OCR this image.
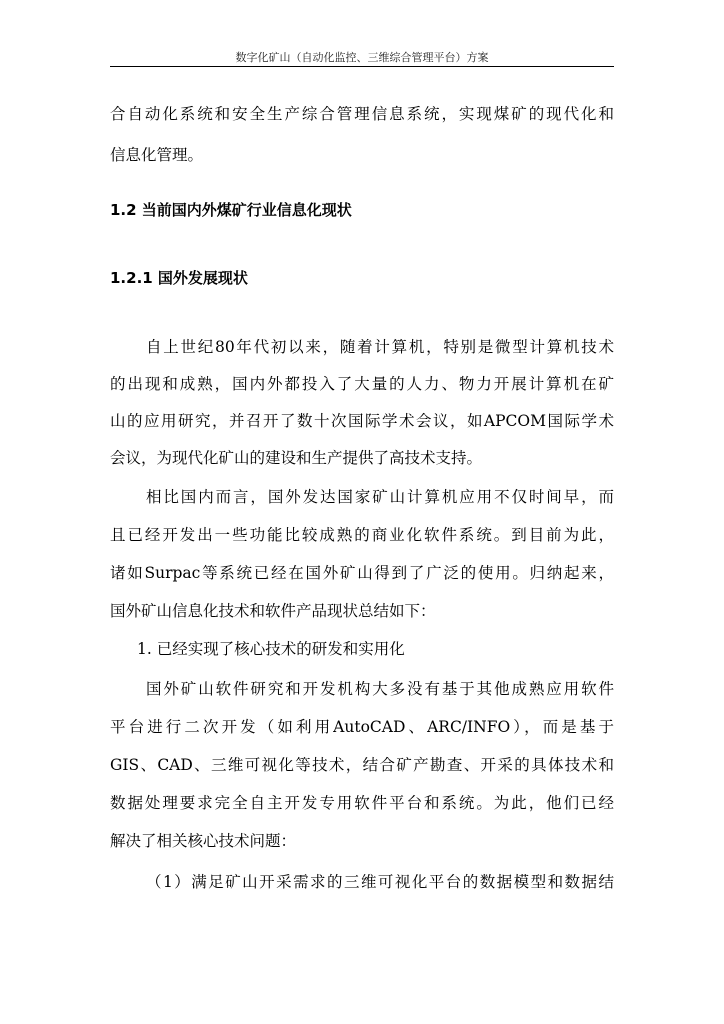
数字化矿山（自动化监控、三维综合管理平台）方案
合自动化系统和安全生产综合管理信息系统，实现煤矿的现代化和
信息化管理。
1.2 当前国内外煤矿行业信息化现状
1.2.1 国外发展现状
自上世纪80年代初以来，随着计算机，特别是微型计算机技术
的出现和成熟，国内外都投入了大量的人力、物力开展计算机在矿
山的应用研究，并召开了数十次国际学术会议，如APCOM国际学术
会议，为现代化矿山的建设和生产提供了高技术支持。
相比国内而言，国外发达国家矿山计算机应用不仅时间早，而
且已经开发出一些功能比较成熟的商业化软件系统。到目前为此，
诸如Surpac等系统已经在国外矿山得到了广泛的使用。归纳起来，
国外矿山信息化技术和软件产品现状总结如下：
1. 已经实现了核心技术的研发和实用化
国外矿山软件研究和开发机构大多没有基于其他成熟应用软件
平台进行二次开发（如利用AutoCAD、ARC/INFO），而是基于
GIS、CAD、三维可视化等技术，结合矿产勘查、开采的具体技术和
数据处理要求完全自主开发专用软件平台和系统。为此，他们已经
解决了相关核心技术问题：
（1）满足矿山开采需求的三维可视化平台的数据模型和数据结
